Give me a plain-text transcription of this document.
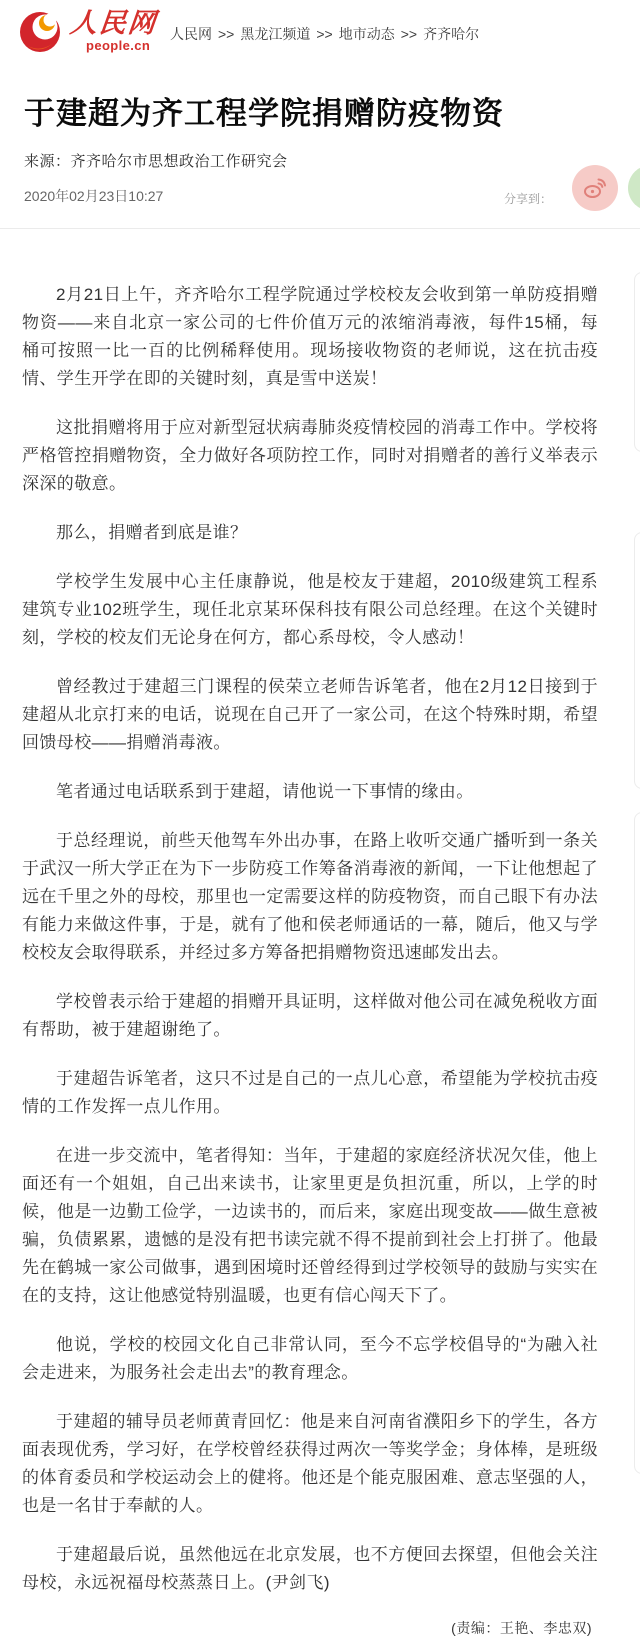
人民网
people.cn
人民网 >> 黑龙江频道 >> 地市动态 >> 齐齐哈尔
于建超为齐工程学院捐赠防疫物资
来源：齐齐哈尔市思想政治工作研究会
2020年02月23日10:27	分享到：

2月21日上午，齐齐哈尔工程学院通过学校校友会收到第一单防疫捐赠物资——来自北京一家公司的七件价值万元的浓缩消毒液，每件15桶，每桶可按照一比一百的比例稀释使用。现场接收物资的老师说，这在抗击疫情、学生开学在即的关键时刻，真是雪中送炭！

这批捐赠将用于应对新型冠状病毒肺炎疫情校园的消毒工作中。学校将严格管控捐赠物资，全力做好各项防控工作，同时对捐赠者的善行义举表示深深的敬意。

那么，捐赠者到底是谁？

学校学生发展中心主任康静说，他是校友于建超，2010级建筑工程系建筑专业102班学生，现任北京某环保科技有限公司总经理。在这个关键时刻，学校的校友们无论身在何方，都心系母校，令人感动！

曾经教过于建超三门课程的侯荣立老师告诉笔者，他在2月12日接到于建超从北京打来的电话，说现在自己开了一家公司，在这个特殊时期，希望回馈母校——捐赠消毒液。

笔者通过电话联系到于建超，请他说一下事情的缘由。

于总经理说，前些天他驾车外出办事，在路上收听交通广播听到一条关于武汉一所大学正在为下一步防疫工作筹备消毒液的新闻，一下让他想起了远在千里之外的母校，那里也一定需要这样的防疫物资，而自己眼下有办法有能力来做这件事，于是，就有了他和侯老师通话的一幕，随后，他又与学校校友会取得联系，并经过多方筹备把捐赠物资迅速邮发出去。

学校曾表示给于建超的捐赠开具证明，这样做对他公司在减免税收方面有帮助，被于建超谢绝了。

于建超告诉笔者，这只不过是自己的一点儿心意，希望能为学校抗击疫情的工作发挥一点儿作用。

在进一步交流中，笔者得知：当年，于建超的家庭经济状况欠佳，他上面还有一个姐姐，自己出来读书，让家里更是负担沉重，所以，上学的时候，他是一边勤工俭学，一边读书的，而后来，家庭出现变故——做生意被骗，负债累累，遗憾的是没有把书读完就不得不提前到社会上打拼了。他最先在鹤城一家公司做事，遇到困境时还曾经得到过学校领导的鼓励与实实在在的支持，这让他感觉特别温暖，也更有信心闯天下了。

他说，学校的校园文化自己非常认同，至今不忘学校倡导的“为融入社会走进来，为服务社会走出去”的教育理念。

于建超的辅导员老师黄青回忆：他是来自河南省濮阳乡下的学生，各方面表现优秀，学习好，在学校曾经获得过两次一等奖学金；身体棒，是班级的体育委员和学校运动会上的健将。他还是个能克服困难、意志坚强的人，也是一名甘于奉献的人。

于建超最后说，虽然他远在北京发展，也不方便回去探望，但他会关注母校，永远祝福母校蒸蒸日上。(尹剑飞)

(责编：王艳、李忠双)
